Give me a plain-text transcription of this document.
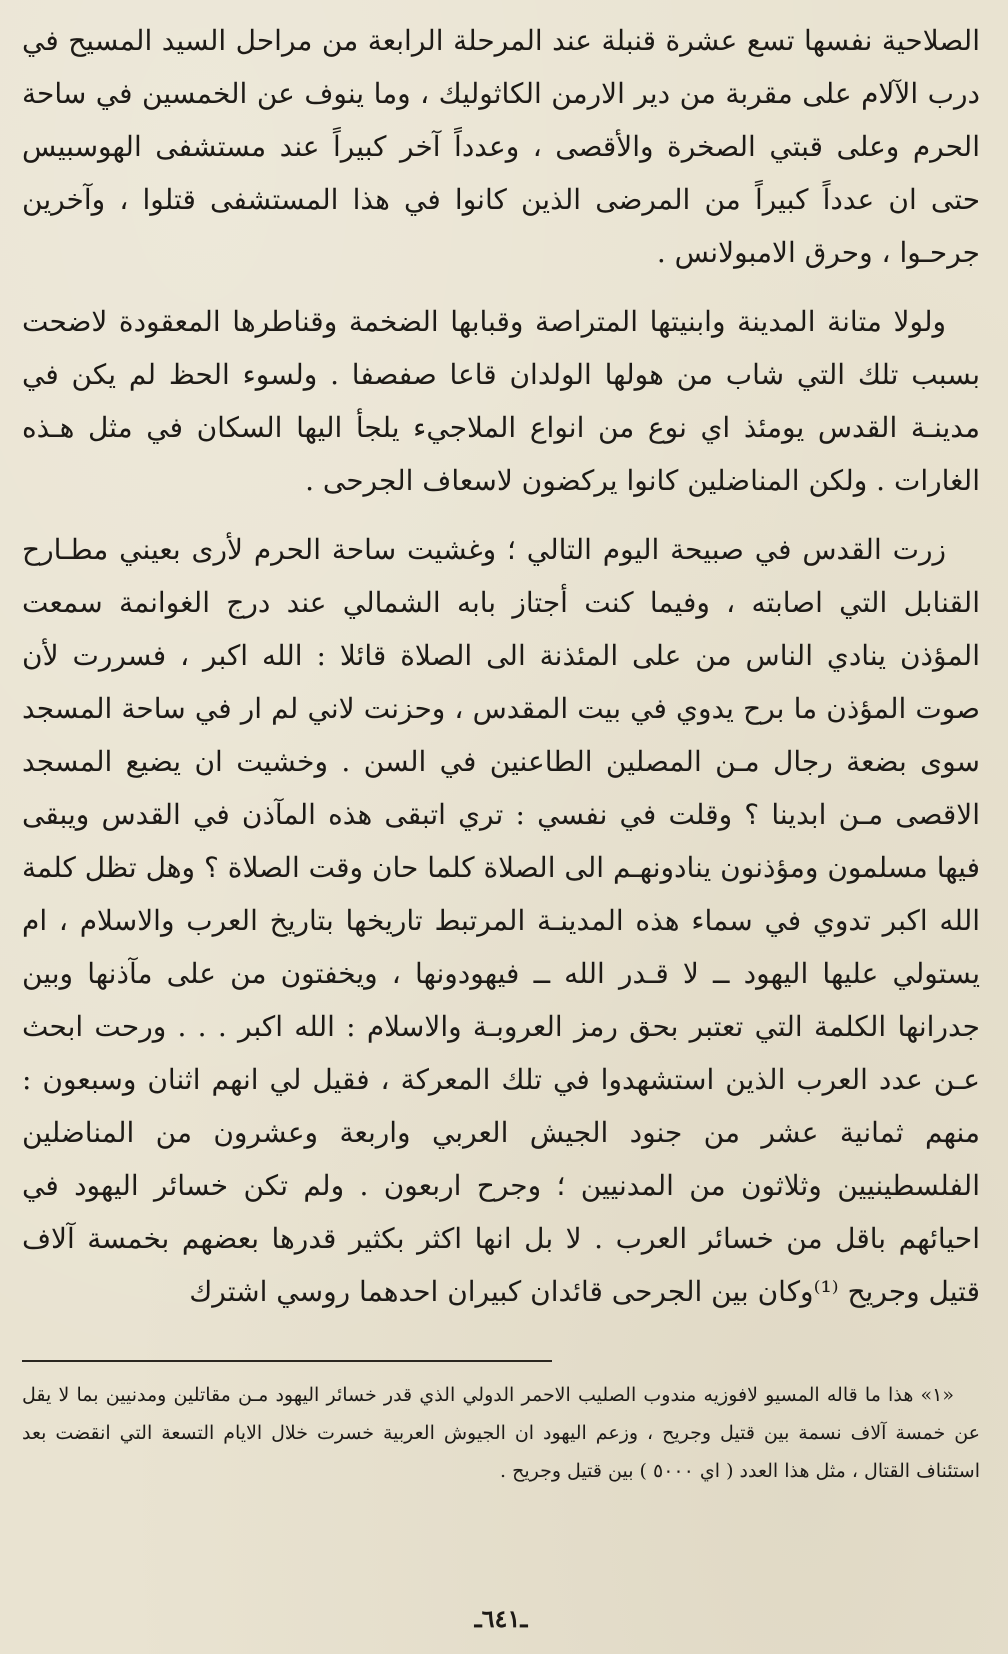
الصلاحية نفسها تسع عشرة قنبلة عند المرحلة الرابعة من مراحل السيد المسيح في درب الآلام على مقربة من دير الارمن الكاثوليك ، وما ينوف عن الخمسين في ساحة الحرم وعلى قبتي الصخرة والأقصى ، وعدداً آخر كبيراً عند مستشفى الهوسبيس حتى ان عدداً كبيراً من المرضى الذين كانوا في هذا المستشفى قتلوا ، وآخرين جرحـوا ، وحرق الامبولانس .

ولولا متانة المدينة وابنيتها المتراصة وقبابها الضخمة وقناطرها المعقودة لاضحت بسبب تلك التي شاب من هولها الولدان قاعا صفصفا . ولسوء الحظ لم يكن في مدينـة القدس يومئذ اي نوع من انواع الملاجيء يلجأ اليها السكان في مثل هـذه الغارات . ولكن المناضلين كانوا يركضون لاسعاف الجرحى .

زرت القدس في صبيحة اليوم التالي ؛ وغشيت ساحة الحرم لأرى بعيني مطـارح القنابل التي اصابته ، وفيما كنت أجتاز بابه الشمالي عند درج الغوانمة سمعت المؤذن ينادي الناس من على المئذنة الى الصلاة قائلا : الله اكبر ، فسررت لأن صوت المؤذن ما برح يدوي في بيت المقدس ، وحزنت لاني لم ار في ساحة المسجد سوى بضعة رجال مـن المصلين الطاعنين في السن . وخشيت ان يضيع المسجد الاقصى مـن ابدينا ؟ وقلت في نفسي : تري اتبقى هذه المآذن في القدس ويبقى فيها مسلمون ومؤذنون ينادونهـم الى الصلاة كلما حان وقت الصلاة ؟ وهل تظل كلمة الله اكبر تدوي في سماء هذه المدينـة المرتبط تاريخها بتاريخ العرب والاسلام ، ام يستولي عليها اليهود ــ لا قـدر الله ــ فيهودونها ، ويخفتون من على مآذنها وبين جدرانها الكلمة التي تعتبر بحق رمز العروبـة والاسلام : الله اكبر . . . ورحت ابحث عـن عدد العرب الذين استشهدوا في تلك المعركة ، فقيل لي انهم اثنان وسبعون : منهم ثمانية عشر من جنود الجيش العربي واربعة وعشرون من المناضلين الفلسطينيين وثلاثون من المدنيين ؛ وجرح اربعون . ولم تكن خسائر اليهود في احيائهم باقل من خسائر العرب . لا بل انها اكثر بكثير قدرها بعضهم بخمسة آلاف قتيل وجريح ⁽¹⁾وكان بين الجرحى قائدان كبيران احدهما روسي اشترك

«١» هذا ما قاله المسيو لافوزيه مندوب الصليب الاحمر الدولي الذي قدر خسائر اليهود مـن مقاتلين ومدنيين بما لا يقل عن خمسة آلاف نسمة بين قتيل وجريح ، وزعم اليهود ان الجيوش العربية خسرت خلال الايام التسعة التي انقضت بعد استئناف القتال ، مثل هذا العدد ( اي ٥٠٠٠ ) بين قتيل وجريح .

ـ٦٤١ـ
